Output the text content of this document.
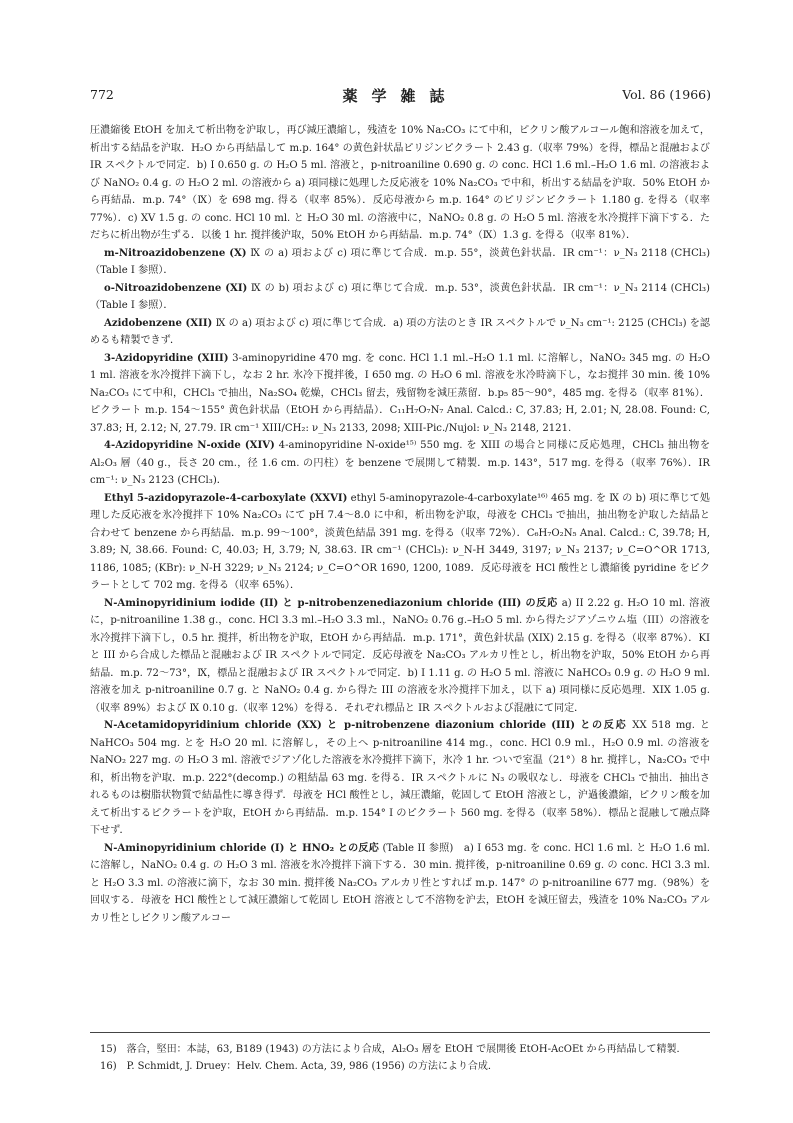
772	薬学雑誌	Vol. 86 (1966)

圧濃縮後 EtOH を加えて析出物を沪取し，再び減圧濃縮し，残渣を 10% Na₂CO₃ にて中和，ピクリン酸アルコール飽和溶液を加えて，析出する結晶を沪取．H₂O から再結晶して m.p. 164° の黄色針状晶ピリジンピクラート 2.43 g.（収率 79%）を得，標品と混融および IR スペクトルで同定．b) I 0.650 g. の H₂O 5 ml. 溶液と，p-nitroaniline 0.690 g. の conc. HCl 1.6 ml.–H₂O 1.6 ml. の溶液および NaNO₂ 0.4 g. の H₂O 2 ml. の溶液から a) 項同様に処理した反応液を 10% Na₂CO₃ で中和，析出する結晶を沪取．50% EtOH から再結晶．m.p. 74°（Ⅸ）を 698 mg. 得る（収率 85%）．反応母液から m.p. 164° のピリジンピクラート 1.180 g. を得る（収率 77%）．c) XV 1.5 g. の conc. HCl 10 ml. と H₂O 30 ml. の溶液中に，NaNO₂ 0.8 g. の H₂O 5 ml. 溶液を氷冷撹拌下滴下する．ただちに析出物が生ずる．以後 1 hr. 撹拌後沪取，50% EtOH から再結晶．m.p. 74°（Ⅸ）1.3 g. を得る（収率 81%）．

m-Nitroazidobenzene (X) Ⅸ の a) 項および c) 項に準じて合成．m.p. 55°，淡黄色針状晶．IR cm⁻¹：ν_N₃ 2118 (CHCl₃)（Table I 参照）．

o-Nitroazidobenzene (XI) Ⅸ の b) 項および c) 項に準じて合成．m.p. 53°，淡黄色針状晶．IR cm⁻¹：ν_N₃ 2114 (CHCl₃)（Table I 参照）．

Azidobenzene (XII) Ⅸ の a) 項および c) 項に準じて合成．a) 項の方法のとき IR スペクトルで ν_N₃ cm⁻¹: 2125 (CHCl₃) を認めるも精製できず．

3-Azidopyridine (XIII) 3-aminopyridine 470 mg. を conc. HCl 1.1 ml.–H₂O 1.1 ml. に溶解し，NaNO₂ 345 mg. の H₂O 1 ml. 溶液を氷冷撹拌下滴下し，なお 2 hr. 氷冷下撹拌後，I 650 mg. の H₂O 6 ml. 溶液を氷冷時滴下し，なお撹拌 30 min. 後 10% Na₂CO₃ にて中和，CHCl₃ で抽出，Na₂SO₄ 乾燥，CHCl₃ 留去，残留物を減圧蒸留．b.p₅ 85〜90°，485 mg. を得る（収率 81%）．ピクラート m.p. 154〜155° 黄色針状晶（EtOH から再結晶）．C₁₁H₇O₇N₇ Anal. Calcd.: C, 37.83; H, 2.01; N, 28.08. Found: C, 37.83; H, 2.12; N, 27.79. IR cm⁻¹ XIII/CH₂: ν_N₃ 2133, 2098; XIII-Pic./Nujol: ν_N₃ 2148, 2121.

4-Azidopyridine N-oxide (XIV) 4-aminopyridine N-oxide¹⁵⁾ 550 mg. を XIII の場合と同様に反応処理，CHCl₃ 抽出物を Al₂O₃ 層（40 g.，長さ 20 cm.，径 1.6 cm. の円柱）を benzene で展開して精製．m.p. 143°，517 mg. を得る（収率 76%）．IR cm⁻¹: ν_N₃ 2123 (CHCl₃)．

Ethyl 5-azidopyrazole-4-carboxylate (XXVI) ethyl 5-aminopyrazole-4-carboxylate¹⁶⁾ 465 mg. を Ⅸ の b) 項に準じて処理した反応液を氷冷撹拌下 10% Na₂CO₃ にて pH 7.4〜8.0 に中和，析出物を沪取，母液を CHCl₃ で抽出，抽出物を沪取した結晶と合わせて benzene から再結晶．m.p. 99〜100°，淡黄色結晶 391 mg. を得る（収率 72%）．C₆H₇O₂N₅ Anal. Calcd.: C, 39.78; H, 3.89; N, 38.66. Found: C, 40.03; H, 3.79; N, 38.63. IR cm⁻¹ (CHCl₃): ν_N-H 3449, 3197; ν_N₃ 2137; ν_C=O^OR 1713, 1186, 1085; (KBr): ν_N-H 3229; ν_N₃ 2124; ν_C=O^OR 1690, 1200, 1089．反応母液を HCl 酸性とし濃縮後 pyridine をピクラートとして 702 mg. を得る（収率 65%）．

N-Aminopyridinium iodide (II) と p-nitrobenzenediazonium chloride (III) の反応 a) II 2.22 g. H₂O 10 ml. 溶液に，p-nitroaniline 1.38 g.，conc. HCl 3.3 ml.–H₂O 3.3 ml.，NaNO₂ 0.76 g.–H₂O 5 ml. から得たジアゾニウム塩（III）の溶液を氷冷撹拌下滴下し，0.5 hr. 撹拌，析出物を沪取，EtOH から再結晶．m.p. 171°，黄色針状晶 (XIX) 2.15 g. を得る（収率 87%）．KI と III から合成した標品と混融および IR スペクトルで同定．反応母液を Na₂CO₃ アルカリ性とし，析出物を沪取，50% EtOH から再結晶．m.p. 72〜73°，Ⅸ，標品と混融および IR スペクトルで同定．b) I 1.11 g. の H₂O 5 ml. 溶液に NaHCO₃ 0.9 g. の H₂O 9 ml. 溶液を加え p-nitroaniline 0.7 g. と NaNO₂ 0.4 g. から得た III の溶液を氷冷撹拌下加え，以下 a) 項同様に反応処理．XIX 1.05 g.（収率 89%）および Ⅸ 0.10 g.（収率 12%）を得る．それぞれ標品と IR スペクトルおよび混融にて同定．

N-Acetamidopyridinium chloride (XX) と p-nitrobenzene diazonium chloride (III) との反応 XX 518 mg. と NaHCO₃ 504 mg. とを H₂O 20 ml. に溶解し，その上へ p-nitroaniline 414 mg.，conc. HCl 0.9 ml.，H₂O 0.9 ml. の溶液を NaNO₂ 227 mg. の H₂O 3 ml. 溶液でジアゾ化した溶液を氷冷撹拌下滴下，氷冷 1 hr. ついで室温（21°）8 hr. 撹拌し，Na₂CO₃ で中和，析出物を沪取．m.p. 222°(decomp.) の粗結晶 63 mg. を得る．IR スペクトルに N₃ の吸収なし．母液を CHCl₃ で抽出．抽出されるものは樹脂状物質で結晶性に導き得ず．母液を HCl 酸性とし，減圧濃縮，乾固して EtOH 溶液とし，沪過後濃縮，ピクリン酸を加えて析出するピクラートを沪取，EtOH から再結晶．m.p. 154° I のピクラート 560 mg. を得る（収率 58%）．標品と混融して融点降下せず．

N-Aminopyridinium chloride (I) と HNO₂ との反応 (Table II 参照)　a) I 653 mg. を conc. HCl 1.6 ml. と H₂O 1.6 ml. に溶解し，NaNO₂ 0.4 g. の H₂O 3 ml. 溶液を氷冷撹拌下滴下する．30 min. 撹拌後，p-nitroaniline 0.69 g. の conc. HCl 3.3 ml. と H₂O 3.3 ml. の溶液に滴下，なお 30 min. 撹拌後 Na₂CO₃ アルカリ性とすれば m.p. 147° の p-nitroaniline 677 mg.（98%）を回収する．母液を HCl 酸性として減圧濃縮して乾固し EtOH 溶液として不溶物を沪去，EtOH を減圧留去，残渣を 10% Na₂CO₃ アルカリ性としピクリン酸アルコー

15)　落合，堅田：本誌，63, B189 (1943) の方法により合成，Al₂O₃ 層を EtOH で展開後 EtOH-AcOEt から再結晶して精製．

16)　P. Schmidt, J. Druey：Helv. Chem. Acta, 39, 986 (1956) の方法により合成．
